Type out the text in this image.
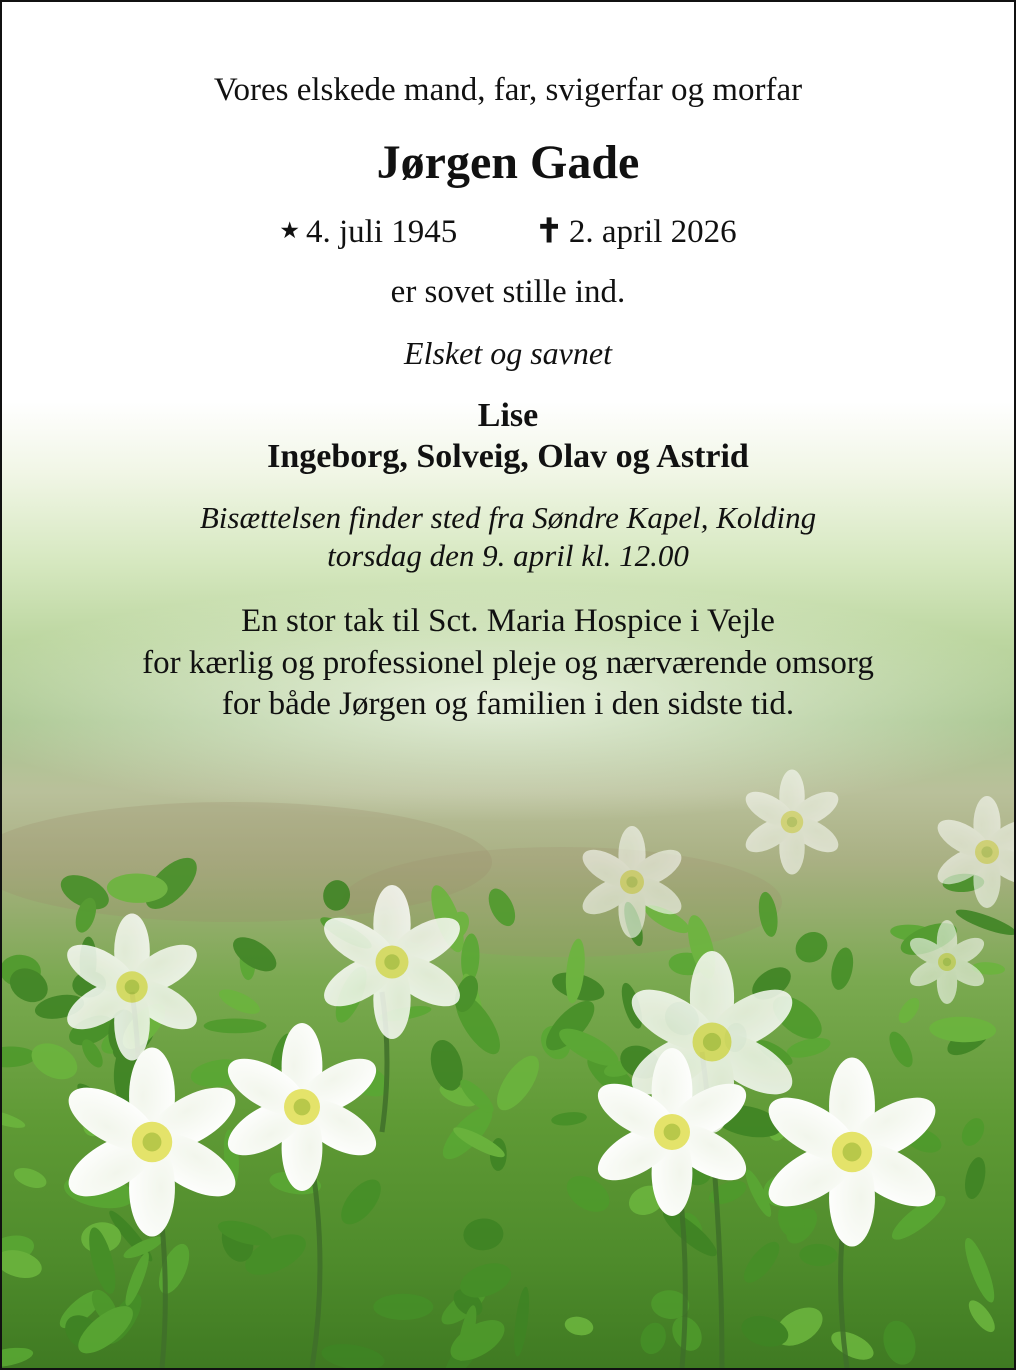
Vores elskede mand, far, svigerfar og morfar
Jørgen Gade
★ 4. juli 1945 ✝ 2. april 2026
er sovet stille ind.
Elsket og savnet
Lise
Ingeborg, Solveig, Olav og Astrid
Bisættelsen finder sted fra Søndre Kapel, Kolding
torsdag den 9. april kl. 12.00
En stor tak til Sct. Maria Hospice i Vejle
for kærlig og professionel pleje og nærværende omsorg
for både Jørgen og familien i den sidste tid.
